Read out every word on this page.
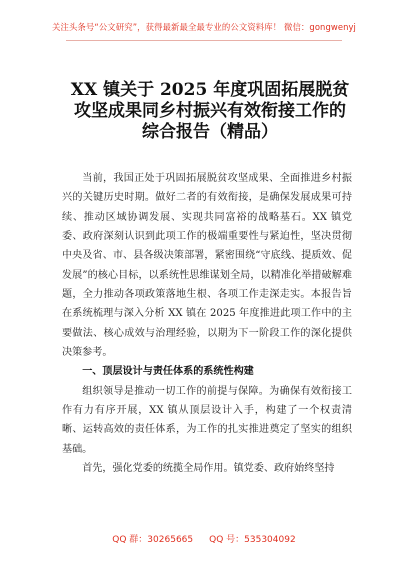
关注头条号“公文研究”，获得最新最全最专业的公文资料库！ 微信：gongwenyj
XX 镇关于 2025 年度巩固拓展脱贫
攻坚成果同乡村振兴有效衔接工作的
综合报告（精品）

当前，我国正处于巩固拓展脱贫攻坚成果、全面推进乡村振兴的关键历史时期。做好二者的有效衔接，是确保发展成果可持续、推动区域协调发展、实现共同富裕的战略基石。XX 镇党委、政府深刻认识到此项工作的极端重要性与紧迫性，坚决贯彻中央及省、市、县各级决策部署，紧密围绕“守底线、提质效、促发展”的核心目标，以系统性思维谋划全局，以精准化举措破解难题，全力推动各项政策落地生根、各项工作走深走实。本报告旨在系统梳理与深入分析 XX 镇在 2025 年度推进此项工作中的主要做法、核心成效与治理经验，以期为下一阶段工作的深化提供决策参考。

一、顶层设计与责任体系的系统性构建

组织领导是推动一切工作的前提与保障。为确保有效衔接工作有力有序开展，XX 镇从顶层设计入手，构建了一个权责清晰、运转高效的责任体系，为工作的扎实推进奠定了坚实的组织基础。

首先，强化党委的统揽全局作用。镇党委、政府始终坚持

QQ 群：30265665 QQ 号：535304092
